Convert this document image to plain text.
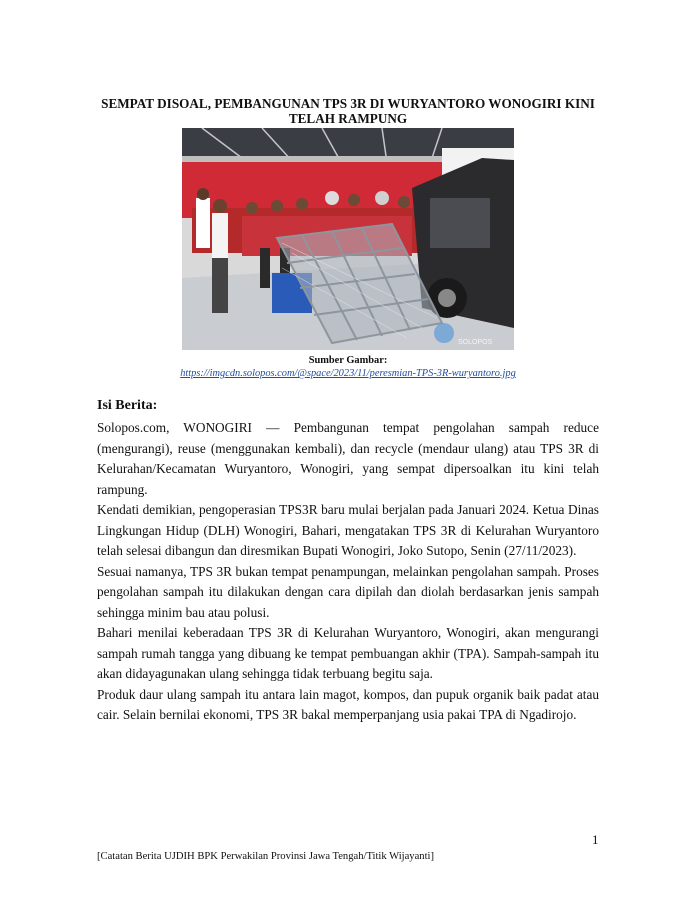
SEMPAT DISOAL, PEMBANGUNAN TPS 3R DI WURYANTORO WONOGIRI KINI TELAH RAMPUNG
SOLOPOS
Sumber Gambar:
https://imgcdn.solopos.com/@space/2023/11/peresmian-TPS-3R-wuryantoro.jpg
Isi Berita:

Solopos.com, WONOGIRI — Pembangunan tempat pengolahan sampah reduce (mengurangi), reuse (menggunakan kembali), dan recycle (mendaur ulang) atau TPS 3R di Kelurahan/Kecamatan Wuryantoro, Wonogiri, yang sempat dipersoalkan itu kini telah rampung.

Kendati demikian, pengoperasian TPS3R baru mulai berjalan pada Januari 2024. Ketua Dinas Lingkungan Hidup (DLH) Wonogiri, Bahari, mengatakan TPS 3R di Kelurahan Wuryantoro telah selesai dibangun dan diresmikan Bupati Wonogiri, Joko Sutopo, Senin (27/11/2023).

Sesuai namanya, TPS 3R bukan tempat penampungan, melainkan pengolahan sampah. Proses pengolahan sampah itu dilakukan dengan cara dipilah dan diolah berdasarkan jenis sampah sehingga minim bau atau polusi.

Bahari menilai keberadaan TPS 3R di Kelurahan Wuryantoro, Wonogiri, akan mengurangi sampah rumah tangga yang dibuang ke tempat pembuangan akhir (TPA). Sampah-sampah itu akan didayagunakan ulang sehingga tidak terbuang begitu saja.

Produk daur ulang sampah itu antara lain magot, kompos, dan pupuk organik baik padat atau cair. Selain bernilai ekonomi, TPS 3R bakal memperpanjang usia pakai TPA di Ngadirojo.

1
[Catatan Berita UJDIH BPK Perwakilan Provinsi Jawa Tengah/Titik Wijayanti]
